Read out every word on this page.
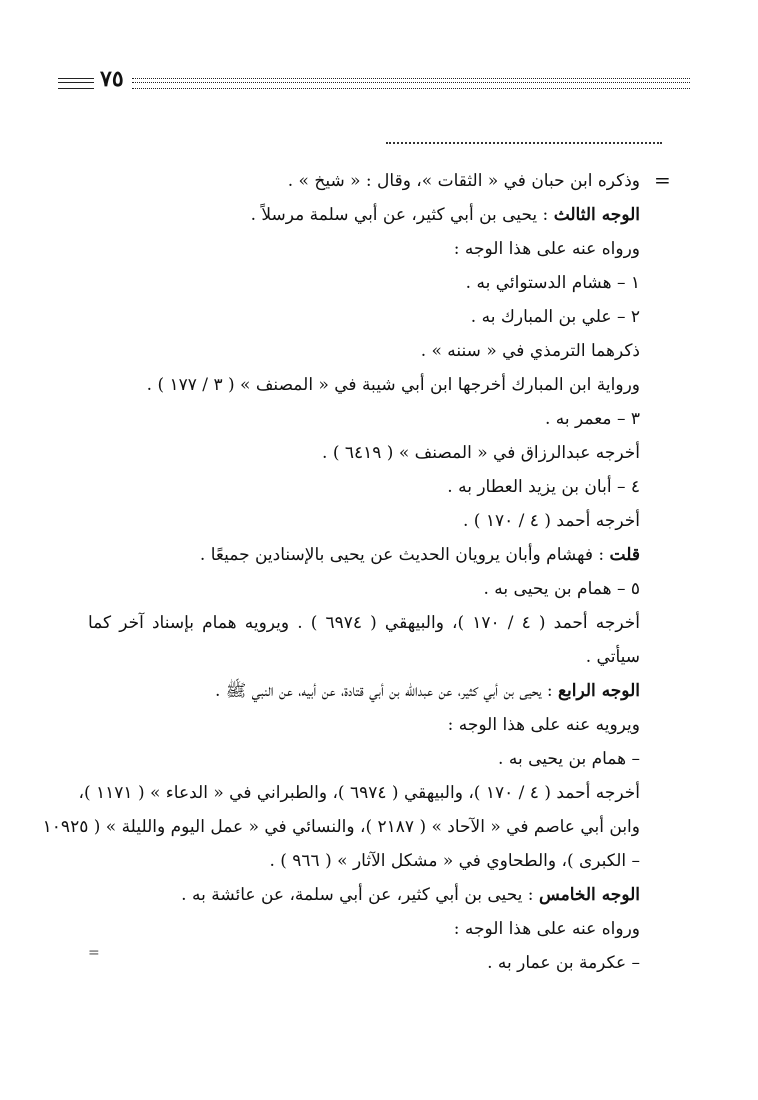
٧٥
=
=
وذكره ابن حبان في « الثقات »، وقال : « شيخ » .
الوجه الثالث : يحيى بن أبي كثير، عن أبي سلمة مرسلاً .
ورواه عنه على هذا الوجه :
١ – هشام الدستوائي به .
٢ – علي بن المبارك به .
ذكرهما الترمذي في « سننه » .
ورواية ابن المبارك أخرجها ابن أبي شيبة في « المصنف » ( ٣ / ١٧٧ ) .
٣ – معمر به .
أخرجه عبدالرزاق في « المصنف » ( ٦٤١٩ ) .
٤ – أبان بن يزيد العطار به .
أخرجه أحمد ( ٤ / ١٧٠ ) .
قلت : فهشام وأبان يرويان الحديث عن يحيى بالإسنادين جميعًا .
٥ – همام بن يحيى به .
أخرجه أحمد ( ٤ / ١٧٠ )، والبيهقي ( ٦٩٧٤ ) . ويرويه همام بإسناد آخر كما
سيأتي .
الوجه الرابع : يحيى بن أبي كثير، عن عبدالله بن أبي قتادة، عن أبيه، عن النبي ﷺ .
ويرويه عنه على هذا الوجه :
– همام بن يحيى به .
أخرجه أحمد ( ٤ / ١٧٠ )، والبيهقي ( ٦٩٧٤ )، والطبراني في « الدعاء » ( ١١٧١ )،
وابن أبي عاصم في « الآحاد » ( ٢١٨٧ )، والنسائي في « عمل اليوم والليلة » ( ١٠٩٢٥
– الكبرى )، والطحاوي في « مشكل الآثار » ( ٩٦٦ ) .
الوجه الخامس : يحيى بن أبي كثير، عن أبي سلمة، عن عائشة به .
ورواه عنه على هذا الوجه :
– عكرمة بن عمار به .
